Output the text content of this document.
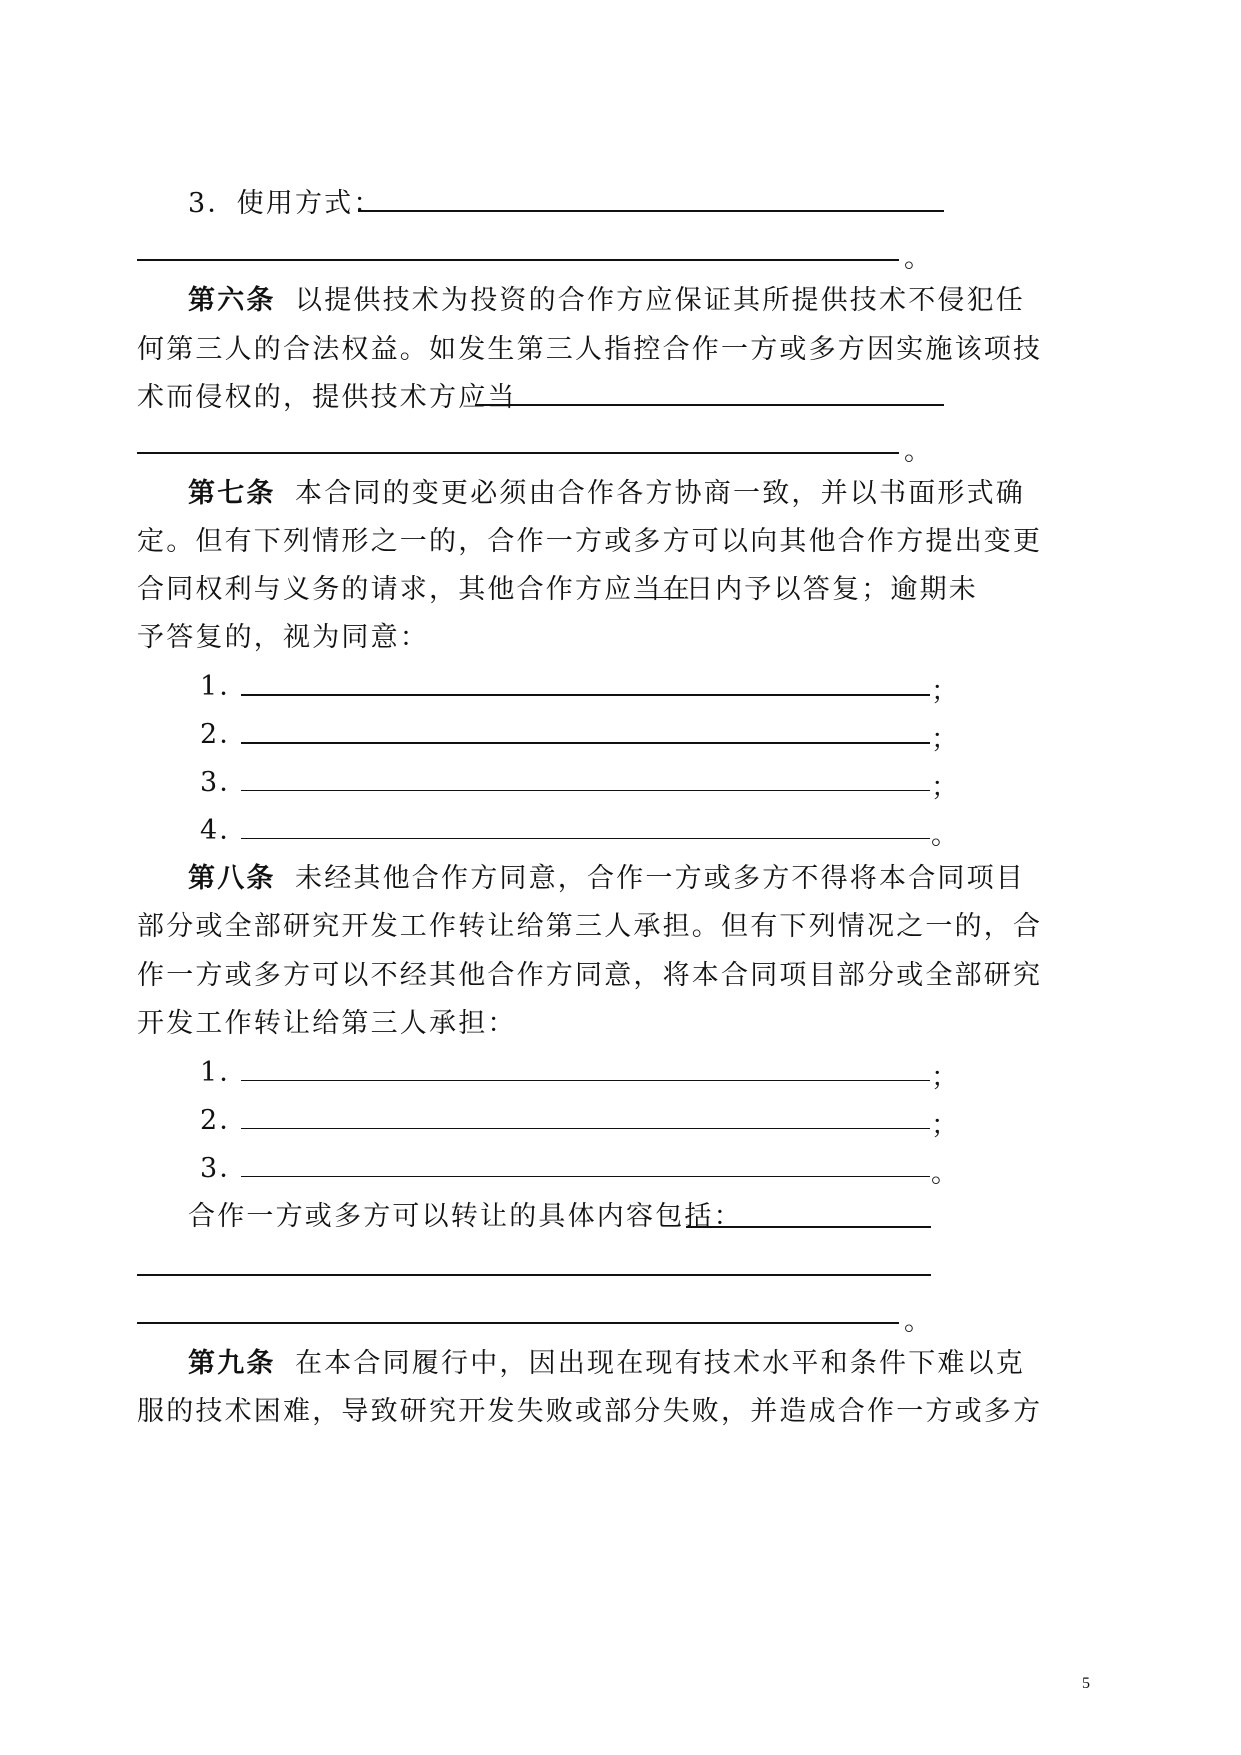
3．使用方式：
。
第六条 以提供技术为投资的合作方应保证其所提供技术不侵犯任
何第三人的合法权益。如发生第三人指控合作一方或多方因实施该项技
术而侵权的，提供技术方应当
。
第七条 本合同的变更必须由合作各方协商一致，并以书面形式确
定。但有下列情形之一的，合作一方或多方可以向其他合作方提出变更
合同权利与义务的请求，其他合作方应当在
日内予以答复；逾期未
予答复的，视为同意：
1．	；
2．	；
3．	；
4．	。
第八条 未经其他合作方同意，合作一方或多方不得将本合同项目
部分或全部研究开发工作转让给第三人承担。但有下列情况之一的，合
作一方或多方可以不经其他合作方同意，将本合同项目部分或全部研究
开发工作转让给第三人承担：
1．	；
2．	；
3．	。
合作一方或多方可以转让的具体内容包括：
。
第九条 在本合同履行中，因出现在现有技术水平和条件下难以克
服的技术困难，导致研究开发失败或部分失败，并造成合作一方或多方
5
